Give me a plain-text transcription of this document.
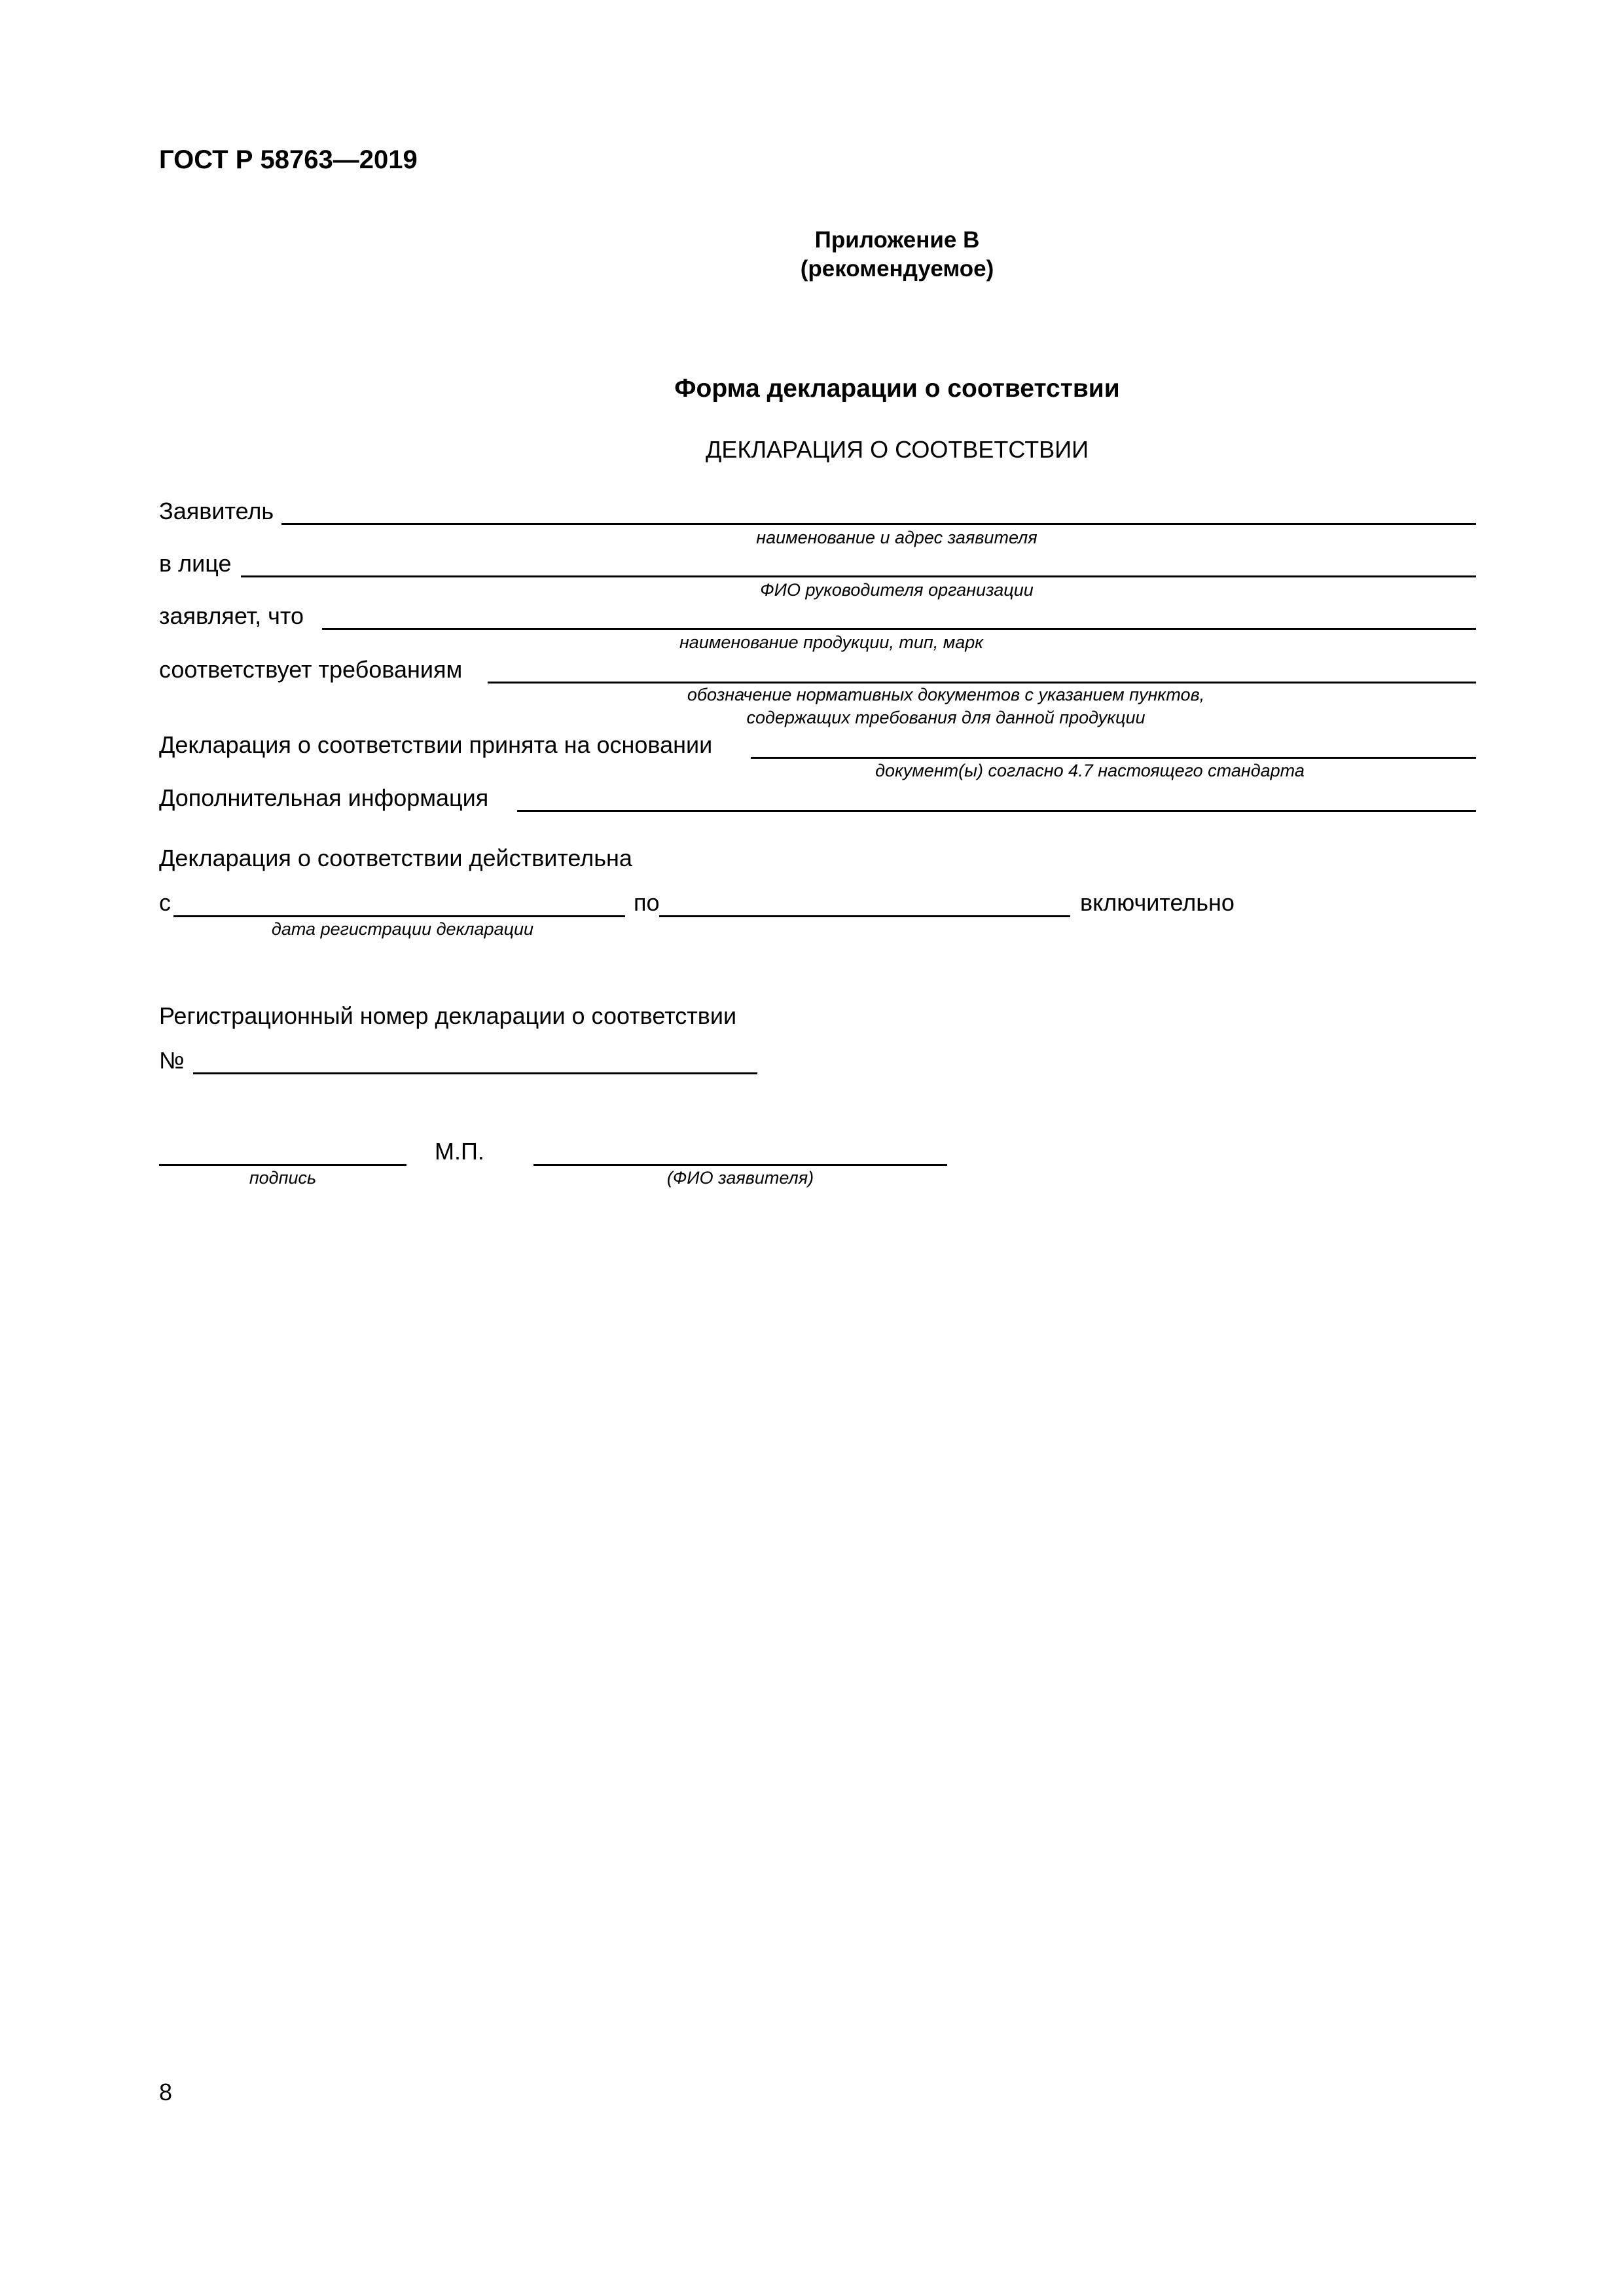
ГОСТ Р 58763—2019
Приложение В
(рекомендуемое)
Форма декларации о соответствии
ДЕКЛАРАЦИЯ О СООТВЕТСТВИИ
Заявитель
наименование и адрес заявителя
в лице
ФИО руководителя организации
заявляет, что
наименование продукции, тип, марк
соответствует требованиям
обозначение нормативных документов с указанием пунктов,
содержащих требования для данной продукции
Декларация о соответствии принята на основании
документ(ы) согласно 4.7 настоящего стандарта
Дополнительная информация
Декларация о соответствии действительна
с
дата регистрации декларации
по	включительно
Регистрационный номер декларации о соответствии
№
подпись
М.П.
(ФИО заявителя)
8
